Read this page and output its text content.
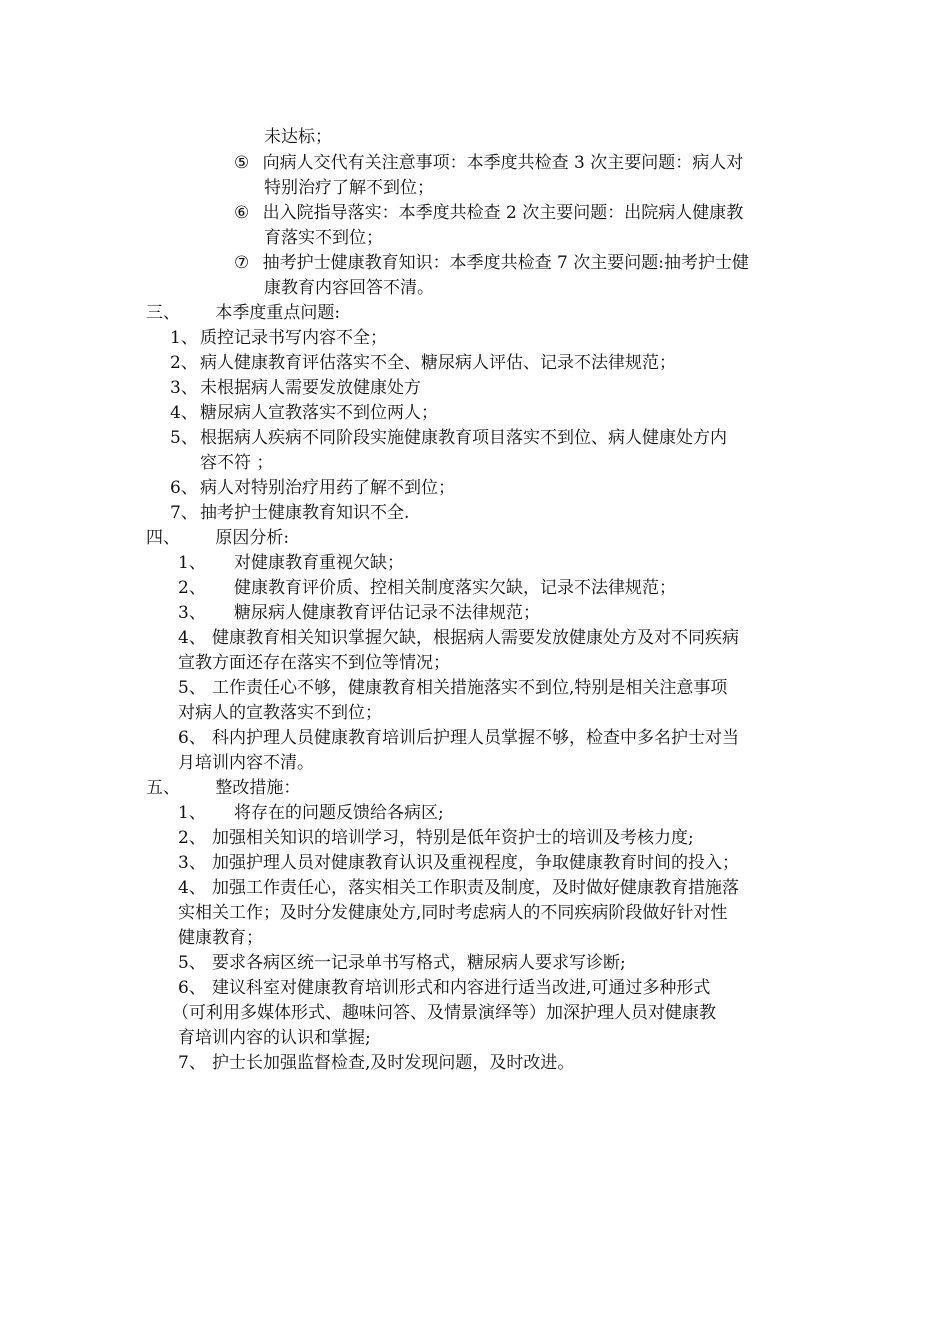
未达标；
⑤ 向病人交代有关注意事项：本季度共检查 3 次主要问题：病人对
特别治疗了解不到位；
⑥ 出入院指导落实：本季度共检查 2 次主要问题：出院病人健康教
育落实不到位；
⑦ 抽考护士健康教育知识：本季度共检查 7 次主要问题:抽考护士健
康教育内容回答不清。
三、 本季度重点问题:
1、 质控记录书写内容不全；
2、 病人健康教育评估落实不全、糖尿病人评估、记录不法律规范；
3、 未根据病人需要发放健康处方
4、 糖尿病人宣教落实不到位两人；
5、 根据病人疾病不同阶段实施健康教育项目落实不到位、病人健康处方内
容不符 ；
6、 病人对特别治疗用药了解不到位；
7、 抽考护士健康教育知识不全.
四、 原因分析:
1、 对健康教育重视欠缺；
2、 健康教育评价质、控相关制度落实欠缺，记录不法律规范；
3、 糖尿病人健康教育评估记录不法律规范；
4、 健康教育相关知识掌握欠缺，根据病人需要发放健康处方及对不同疾病
宣教方面还存在落实不到位等情况；
5、 工作责任心不够，健康教育相关措施落实不到位,特别是相关注意事项
对病人的宣教落实不到位；
6、 科内护理人员健康教育培训后护理人员掌握不够，检查中多名护士对当
月培训内容不清。
五、 整改措施：
1、 将存在的问题反馈给各病区;
2、 加强相关知识的培训学习，特别是低年资护士的培训及考核力度;
3、 加强护理人员对健康教育认识及重视程度，争取健康教育时间的投入；
4、 加强工作责任心，落实相关工作职责及制度，及时做好健康教育措施落
实相关工作；及时分发健康处方,同时考虑病人的不同疾病阶段做好针对性
健康教育；
5、 要求各病区统一记录单书写格式，糖尿病人要求写诊断;
6、 建议科室对健康教育培训形式和内容进行适当改进,可通过多种形式
（可利用多媒体形式、趣味问答、及情景演绎等）加深护理人员对健康教
育培训内容的认识和掌握;
7、 护士长加强监督检查,及时发现问题，及时改进。
